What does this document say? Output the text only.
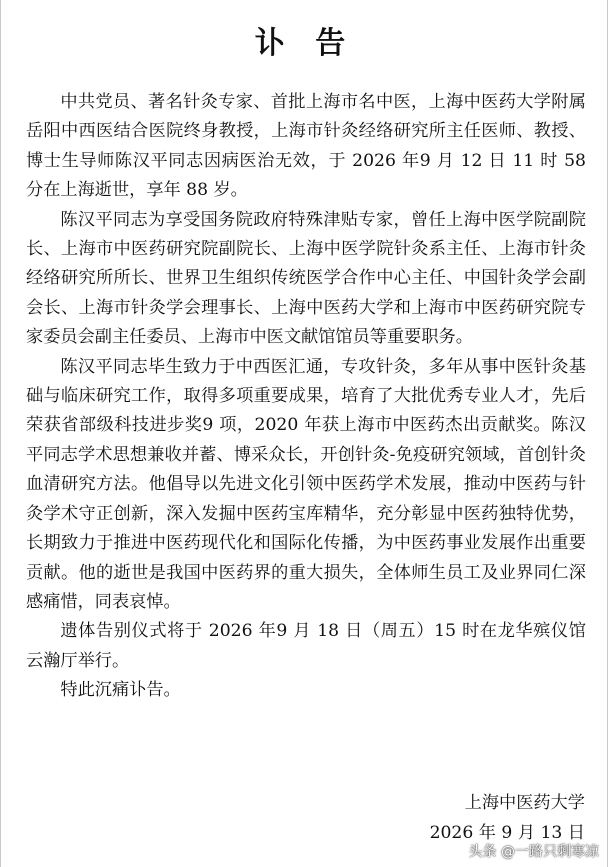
讣 告

中共党员、著名针灸专家、首批上海市名中医，上海中医药大学附属岳阳中西医结合医院终身教授，上海市针灸经络研究所主任医师、教授、博士生导师陈汉平同志因病医治无效，于 2026 年9 月 12 日 11 时 58 分在上海逝世，享年 88 岁。

陈汉平同志为享受国务院政府特殊津贴专家，曾任上海中医学院副院长、上海市中医药研究院副院长、上海中医学院针灸系主任、上海市针灸经络研究所所长、世界卫生组织传统医学合作中心主任、中国针灸学会副会长、上海市针灸学会理事长、上海中医药大学和上海市中医药研究院专家委员会副主任委员、上海市中医文献馆馆员等重要职务。

陈汉平同志毕生致力于中西医汇通，专攻针灸，多年从事中医针灸基础与临床研究工作，取得多项重要成果，培育了大批优秀专业人才，先后荣获省部级科技进步奖9 项，2020 年获上海市中医药杰出贡献奖。陈汉平同志学术思想兼收并蓄、博采众长，开创针灸-免疫研究领域，首创针灸血清研究方法。他倡导以先进文化引领中医药学术发展，推动中医药与针灸学术守正创新，深入发掘中医药宝库精华，充分彰显中医药独特优势，长期致力于推进中医药现代化和国际化传播，为中医药事业发展作出重要贡献。他的逝世是我国中医药界的重大损失，全体师生员工及业界同仁深感痛惜，同表哀悼。

遗体告别仪式将于 2026 年9 月 18 日（周五）15 时在龙华殡仪馆云瀚厅举行。

特此沉痛讣告。

上海中医药大学
2026 年 9 月 13 日
头条 @一路只剩寒凉
